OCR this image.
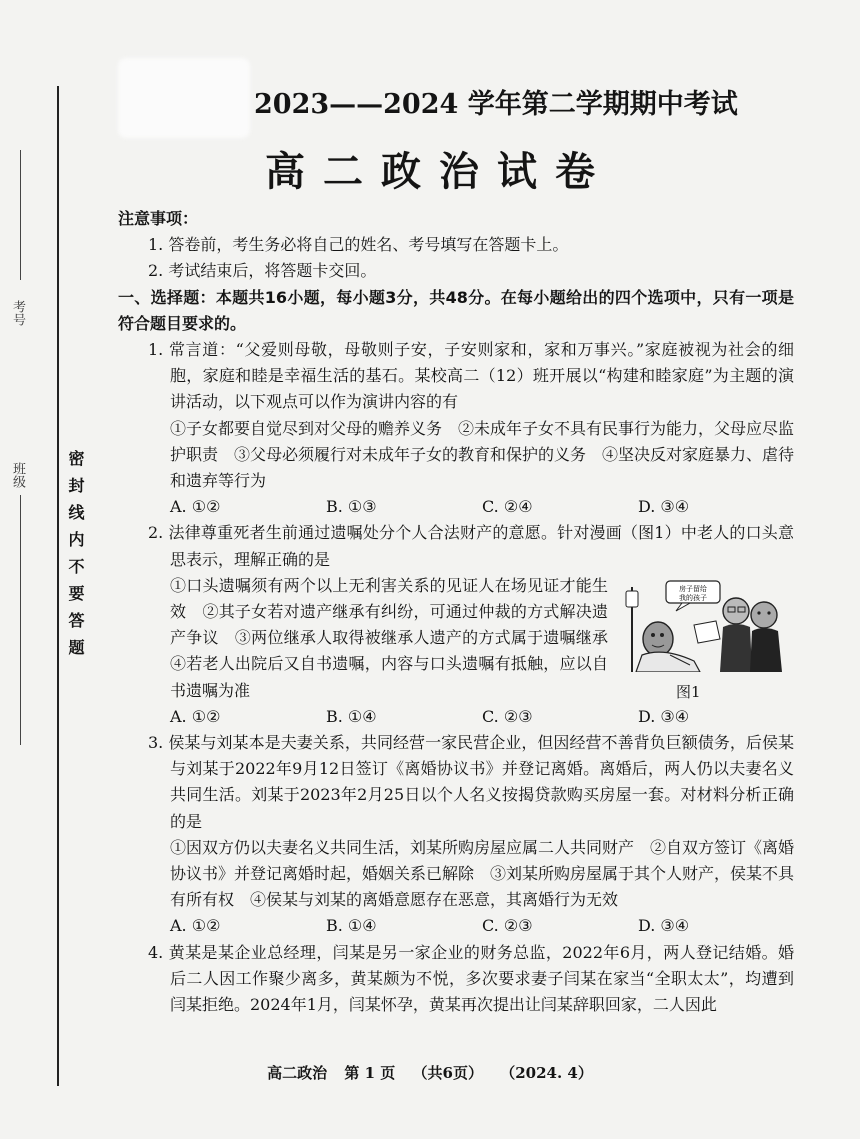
考号
班级	密封线内不要答题
2023——2024 学年第二学期期中考试
高二政治试卷

注意事项：

1. 答卷前，考生务必将自己的姓名、考号填写在答题卡上。

2. 考试结束后，将答题卡交回。

一、选择题：本题共16小题，每小题3分，共48分。在每小题给出的四个选项中，只有一项是符合题目要求的。

1. 常言道：“父爱则母敬，母敬则子安，子安则家和，家和万事兴。”家庭被视为社会的细胞，家庭和睦是幸福生活的基石。某校高二（12）班开展以“构建和睦家庭”为主题的演讲活动，以下观点可以作为演讲内容的有

①子女都要自觉尽到对父母的赡养义务　②未成年子女不具有民事行为能力，父母应尽监护职责　③父母必须履行对未成年子女的教育和保护的义务　④坚决反对家庭暴力、虐待和遗弃等行为

A. ①②	B. ①③	C. ②④	D. ③④

2. 法律尊重死者生前通过遗嘱处分个人合法财产的意愿。针对漫画（图1）中老人的口头意思表示，理解正确的是

①口头遗嘱须有两个以上无利害关系的见证人在场见证才能生效　②其子女若对遗产继承有纠纷，可通过仲裁的方式解决遗产争议　③两位继承人取得被继承人遗产的方式属于遗嘱继承　④若老人出院后又自书遗嘱，内容与口头遗嘱有抵触，应以自书遗嘱为准

房子留给
我的孩子
图1
A. ①②	B. ①④	C. ②③	D. ③④

3. 侯某与刘某本是夫妻关系，共同经营一家民营企业，但因经营不善背负巨额债务，后侯某与刘某于2022年9月12日签订《离婚协议书》并登记离婚。离婚后，两人仍以夫妻名义共同生活。刘某于2023年2月25日以个人名义按揭贷款购买房屋一套。对材料分析正确的是

①因双方仍以夫妻名义共同生活，刘某所购房屋应属二人共同财产　②自双方签订《离婚协议书》并登记离婚时起，婚姻关系已解除　③刘某所购房屋属于其个人财产，侯某不具有所有权　④侯某与刘某的离婚意愿存在恶意，其离婚行为无效

A. ①②	B. ①④	C. ②③	D. ③④

4. 黄某是某企业总经理，闫某是另一家企业的财务总监，2022年6月，两人登记结婚。婚后二人因工作聚少离多，黄某颇为不悦，多次要求妻子闫某在家当“全职太太”，均遭到闫某拒绝。2024年1月，闫某怀孕，黄某再次提出让闫某辞职回家，二人因此

高二政治 第 1 页 （共6页） （2024. 4）
